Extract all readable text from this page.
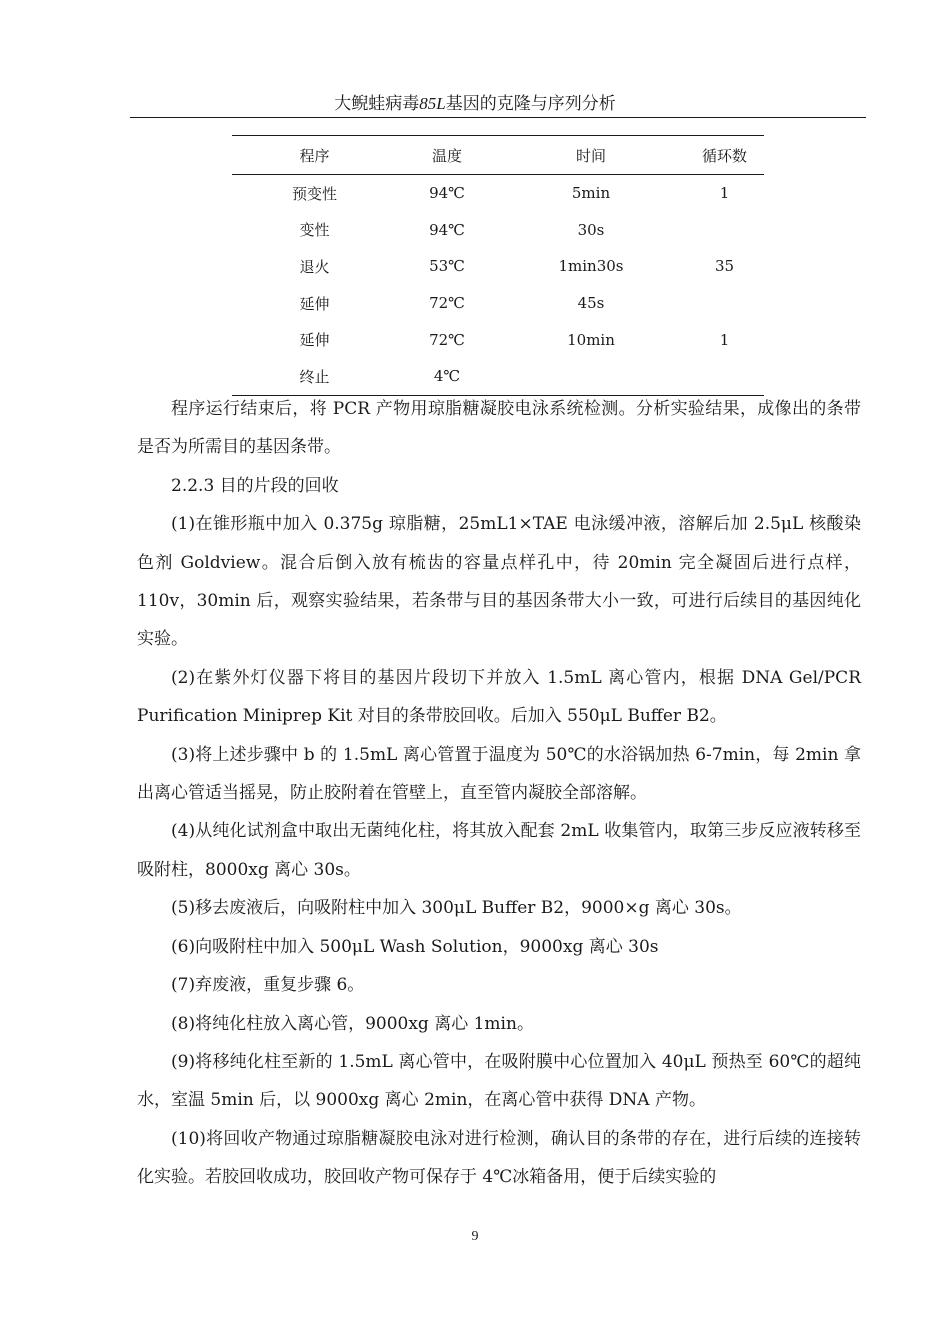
大鲵蛙病毒85L基因的克隆与序列分析
程序	温度	时间	循环数
预变性	94℃	5min	1
变性	94℃	30s	
退火	53℃	1min30s	35
延伸	72℃	45s	
延伸	72℃	10min	1
终止	4℃		

程序运行结束后，将 PCR 产物用琼脂糖凝胶电泳系统检测。分析实验结果，成像出的条带是否为所需目的基因条带。

2.2.3 目的片段的回收

(1)在锥形瓶中加入 0.375g 琼脂糖，25mL1×TAE 电泳缓冲液，溶解后加 2.5μL 核酸染色剂 Goldview。混合后倒入放有梳齿的容量点样孔中，待 20min 完全凝固后进行点样，110v，30min 后，观察实验结果，若条带与目的基因条带大小一致，可进行后续目的基因纯化实验。

(2)在紫外灯仪器下将目的基因片段切下并放入 1.5mL 离心管内，根据 DNA Gel/PCR Purification Miniprep Kit 对目的条带胶回收。后加入 550μL Buffer B2。

(3)将上述步骤中 b 的 1.5mL 离心管置于温度为 50℃的水浴锅加热 6-7min，每 2min 拿出离心管适当摇晃，防止胶附着在管壁上，直至管内凝胶全部溶解。

(4)从纯化试剂盒中取出无菌纯化柱，将其放入配套 2mL 收集管内，取第三步反应液转移至吸附柱，8000xg 离心 30s。

(5)移去废液后，向吸附柱中加入 300μL Buffer B2，9000×g 离心 30s。

(6)向吸附柱中加入 500μL Wash Solution，9000xg 离心 30s

(7)弃废液，重复步骤 6。

(8)将纯化柱放入离心管，9000xg 离心 1min。

(9)将移纯化柱至新的 1.5mL 离心管中，在吸附膜中心位置加入 40μL 预热至 60℃的超纯水，室温 5min 后，以 9000xg 离心 2min，在离心管中获得 DNA 产物。

(10)将回收产物通过琼脂糖凝胶电泳对进行检测，确认目的条带的存在，进行后续的连接转化实验。若胶回收成功，胶回收产物可保存于 4℃冰箱备用，便于后续实验的

9
